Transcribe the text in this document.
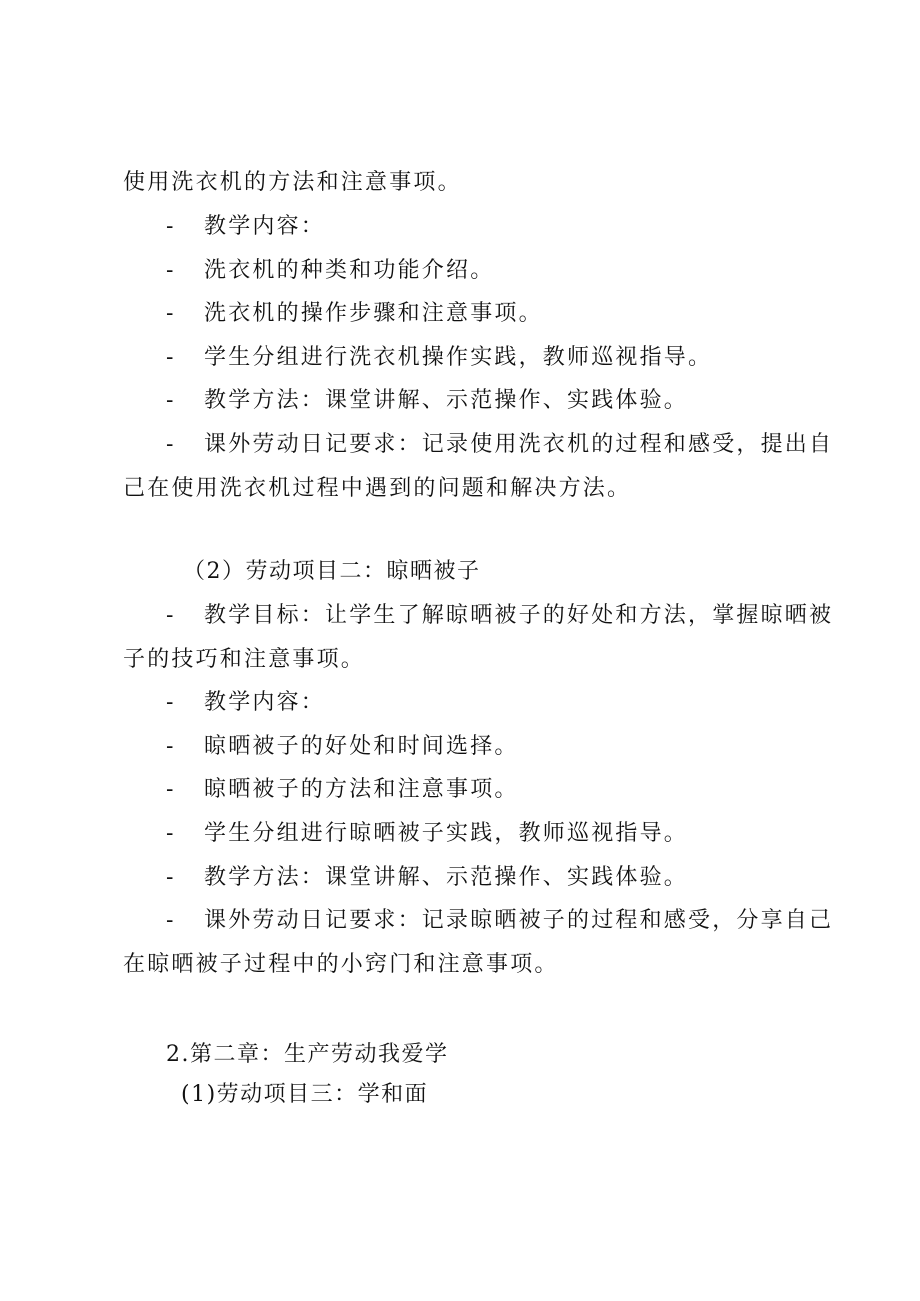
使用洗衣机的方法和注意事项。
- 教学内容：
- 洗衣机的种类和功能介绍。
- 洗衣机的操作步骤和注意事项。
- 学生分组进行洗衣机操作实践，教师巡视指导。
- 教学方法：课堂讲解、示范操作、实践体验。
- 课外劳动日记要求：记录使用洗衣机的过程和感受，提出自
己在使用洗衣机过程中遇到的问题和解决方法。
（2）劳动项目二：晾晒被子
- 教学目标：让学生了解晾晒被子的好处和方法，掌握晾晒被
子的技巧和注意事项。
- 教学内容：
- 晾晒被子的好处和时间选择。
- 晾晒被子的方法和注意事项。
- 学生分组进行晾晒被子实践，教师巡视指导。
- 教学方法：课堂讲解、示范操作、实践体验。
- 课外劳动日记要求：记录晾晒被子的过程和感受，分享自己
在晾晒被子过程中的小窍门和注意事项。
2.第二章：生产劳动我爱学
(1)劳动项目三：学和面
